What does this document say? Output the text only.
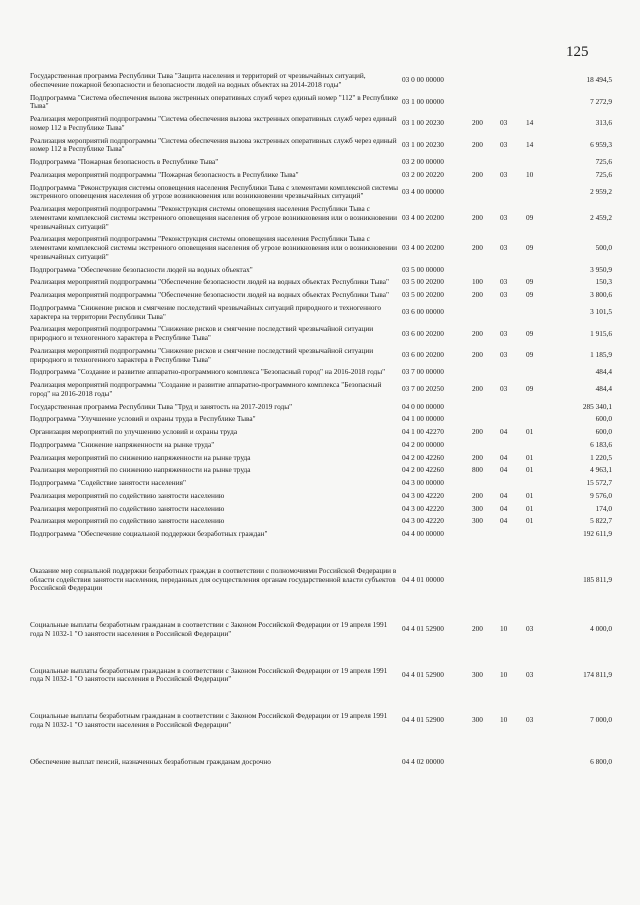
125
Государственная программа Республики Тыва "Защита населения и территорий от чрезвычайных ситуаций, обеспечение пожарной безопасности и безопасности людей на водных объектах на 2014-2018 годы"	03 0 00 00000				18 494,5
Подпрограмма "Система обеспечения вызова экстренных оперативных служб через единый номер "112" в Республике Тыва"	03 1 00 00000				7 272,9
Реализация мероприятий подпрограммы "Система обеспечения вызова экстренных оперативных служб через единый номер 112 в Республике Тыва"	03 1 00 20230	200	03	14	313,6
Реализация мероприятий подпрограммы "Система обеспечения вызова экстренных оперативных служб через единый номер 112 в Республике Тыва"	03 1 00 20230	200	03	14	6 959,3
Подпрограмма "Пожарная безопасность в Республике Тыва"	03 2 00 00000				725,6
Реализация мероприятий подпрограммы "Пожарная безопасность в Республике Тыва"	03 2 00 20220	200	03	10	725,6
Подпрограмма "Реконструкция системы оповещения населения Республики Тыва с элементами комплексной системы экстренного оповещения населения об угрозе возникновения или возникновении чрезвычайных ситуаций"	03 4 00 00000				2 959,2
Реализация мероприятий подпрограммы "Реконструкция системы оповещения населения Республики Тыва с элементами комплексной системы экстренного оповещения населения об угрозе возникновения или о возникновении чрезвычайных ситуаций"	03 4 00 20200	200	03	09	2 459,2
Реализация мероприятий подпрограммы "Реконструкция системы оповещения населения Республики Тыва с элементами комплексной системы экстренного оповещения населения об угрозе возникновения или о возникновении чрезвычайных ситуаций"	03 4 00 20200	200	03	09	500,0
Подпрограмма "Обеспечение безопасности людей на водных объектах"	03 5 00 00000				3 950,9
Реализация мероприятий подпрограммы "Обеспечение безопасности людей на водных объектах Республики Тыва"	03 5 00 20200	100	03	09	150,3
Реализация мероприятий подпрограммы "Обеспечение безопасности людей на водных объектах Республики Тыва"	03 5 00 20200	200	03	09	3 800,6
Подпрограмма "Снижение рисков и смягчение последствий чрезвычайных ситуаций природного и техногенного характера на территории Республики Тыва"	03 6 00 00000				3 101,5
Реализация мероприятий подпрограммы "Снижение рисков и смягчение последствий чрезвычайной ситуации природного и техногенного характера в Республике Тыва"	03 6 00 20200	200	03	09	1 915,6
Реализация мероприятий подпрограммы "Снижение рисков и смягчение последствий чрезвычайной ситуации природного и техногенного характера в Республике Тыва"	03 6 00 20200	200	03	09	1 185,9
Подпрограмма "Создание и развитие аппаратно-программного комплекса "Безопасный город" на 2016-2018 годы"	03 7 00 00000				484,4
Реализация мероприятий подпрограммы "Создание и развитие аппаратно-программного комплекса "Безопасный город" на 2016-2018 годы"	03 7 00 20250	200	03	09	484,4
Государственная программа Республики Тыва "Труд и занятость на 2017-2019 годы"	04 0 00 00000				285 340,1
Подпрограмма "Улучшение условий и охраны труда в Республике Тыва"	04 1 00 00000				600,0
Организация мероприятий по улучшению условий и охраны труда	04 1 00 42270	200	04	01	600,0
Подпрограмма "Снижение напряженности на рынке труда"	04 2 00 00000				6 183,6
Реализация мероприятий по снижению напряженности на рынке труда	04 2 00 42260	200	04	01	1 220,5
Реализация мероприятий по снижению напряженности на рынке труда	04 2 00 42260	800	04	01	4 963,1
Подпрограмма "Содействие занятости населения"	04 3 00 00000				15 572,7
Реализация мероприятий по содействию занятости населению	04 3 00 42220	200	04	01	9 576,0
Реализация мероприятий по содействию занятости населению	04 3 00 42220	300	04	01	174,0
Реализация мероприятий по содействию занятости населению	04 3 00 42220	300	04	01	5 822,7
Подпрограмма "Обеспечение социальной поддержки безработных граждан"	04 4 00 00000				192 611,9

Оказание мер социальной поддержки безработных граждан в соответствии с полномочиями Российской Федерации в области содействия занятости населения, переданных для осуществления органам государственной власти субъектов Российской Федерации	04 4 01 00000				185 811,9

Социальные выплаты безработным гражданам в соответствии с Законом Российской Федерации от 19 апреля 1991 года N 1032-1 "О занятости населения в Российской Федерации"	04 4 01 52900	200	10	03	4 000,0

Социальные выплаты безработным гражданам в соответствии с Законом Российской Федерации от 19 апреля 1991 года N 1032-1 "О занятости населения в Российской Федерации"	04 4 01 52900	300	10	03	174 811,9

Социальные выплаты безработным гражданам в соответствии с Законом Российской Федерации от 19 апреля 1991 года N 1032-1 "О занятости населения в Российской Федерации"	04 4 01 52900	300	10	03	7 000,0

Обеспечение выплат пенсий, назначенных безработным гражданам досрочно	04 4 02 00000				6 800,0
